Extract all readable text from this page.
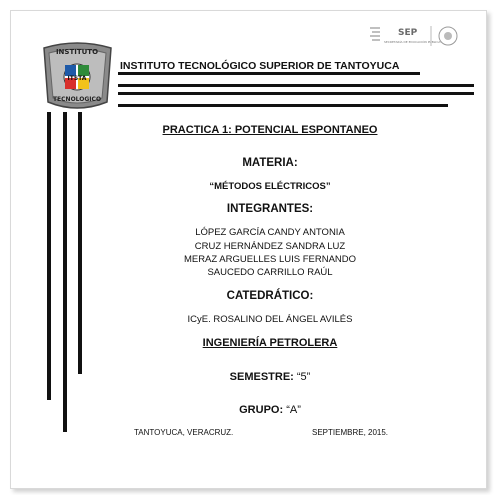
INSTITUTO
ITSTA
TECNOLOGICO
SEP
SECRETARÍA DE EDUCACIÓN PÚBLICA
INSTITUTO TECNOLÓGICO SUPERIOR DE TANTOYUCA
PRACTICA 1: POTENCIAL ESPONTANEO
MATERIA:
“MÉTODOS ELÉCTRICOS”
INTEGRANTES:
LÓPEZ GARCÍA CANDY ANTONIA
CRUZ HERNÁNDEZ SANDRA LUZ
MERAZ ARGUELLES LUIS FERNANDO
SAUCEDO CARRILLO RAÚL
CATEDRÁTICO:
ICyE. ROSALINO DEL ÁNGEL AVILÉS
INGENIERÍA PETROLERA
SEMESTRE: “5”
GRUPO: “A”
TANTOYUCA, VERACRUZ.	SEPTIEMBRE, 2015.
